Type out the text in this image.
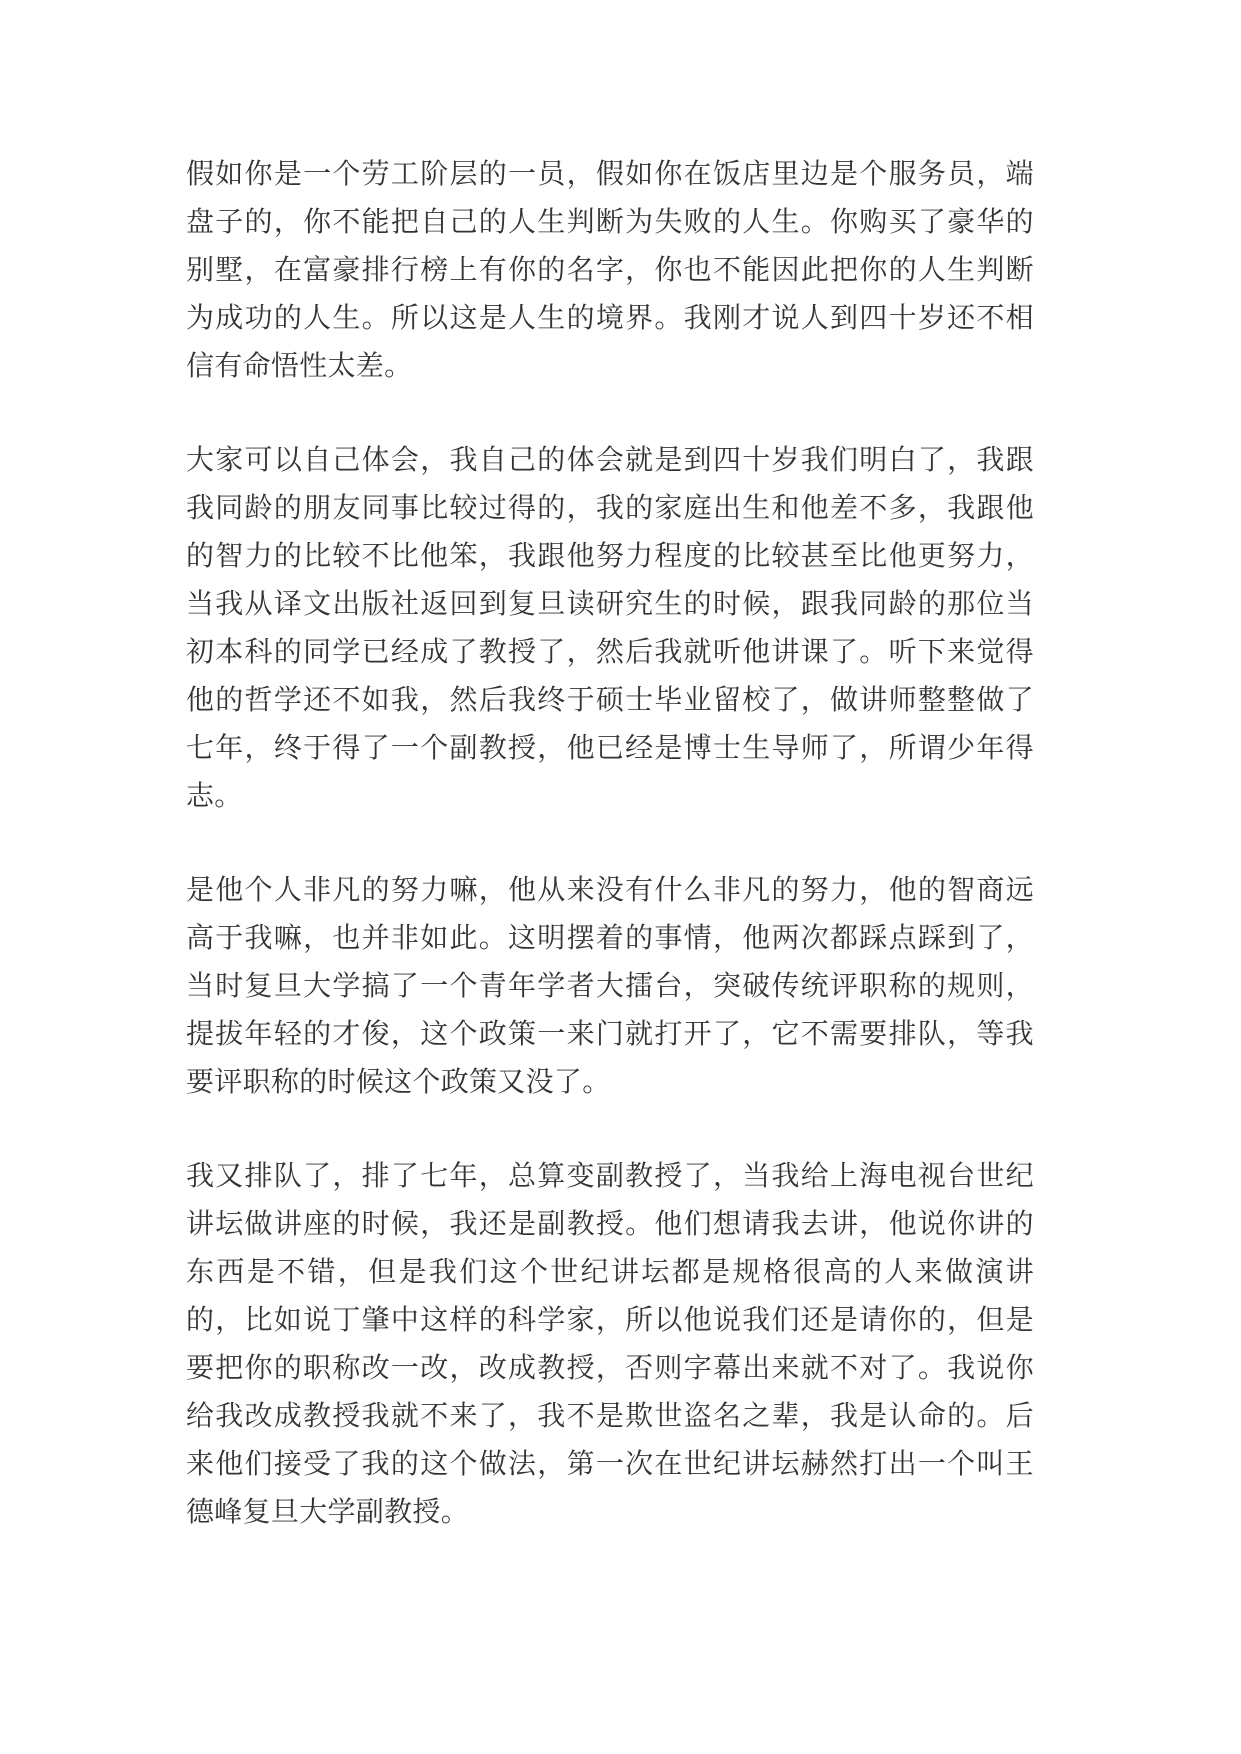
假如你是一个劳工阶层的一员，假如你在饭店里边是个服务员，端盘子的，你不能把自己的人生判断为失败的人生。你购买了豪华的别墅，在富豪排行榜上有你的名字，你也不能因此把你的人生判断为成功的人生。所以这是人生的境界。我刚才说人到四十岁还不相信有命悟性太差。

大家可以自己体会，我自己的体会就是到四十岁我们明白了，我跟我同龄的朋友同事比较过得的，我的家庭出生和他差不多，我跟他的智力的比较不比他笨，我跟他努力程度的比较甚至比他更努力，当我从译文出版社返回到复旦读研究生的时候，跟我同龄的那位当初本科的同学已经成了教授了，然后我就听他讲课了。听下来觉得他的哲学还不如我，然后我终于硕士毕业留校了，做讲师整整做了七年，终于得了一个副教授，他已经是博士生导师了，所谓少年得志。

是他个人非凡的努力嘛，他从来没有什么非凡的努力，他的智商远高于我嘛，也并非如此。这明摆着的事情，他两次都踩点踩到了，当时复旦大学搞了一个青年学者大擂台，突破传统评职称的规则，提拔年轻的才俊，这个政策一来门就打开了，它不需要排队，等我要评职称的时候这个政策又没了。

我又排队了，排了七年，总算变副教授了，当我给上海电视台世纪讲坛做讲座的时候，我还是副教授。他们想请我去讲，他说你讲的东西是不错，但是我们这个世纪讲坛都是规格很高的人来做演讲的，比如说丁肇中这样的科学家，所以他说我们还是请你的，但是要把你的职称改一改，改成教授，否则字幕出来就不对了。我说你给我改成教授我就不来了，我不是欺世盗名之辈，我是认命的。后来他们接受了我的这个做法，第一次在世纪讲坛赫然打出一个叫王德峰复旦大学副教授。
